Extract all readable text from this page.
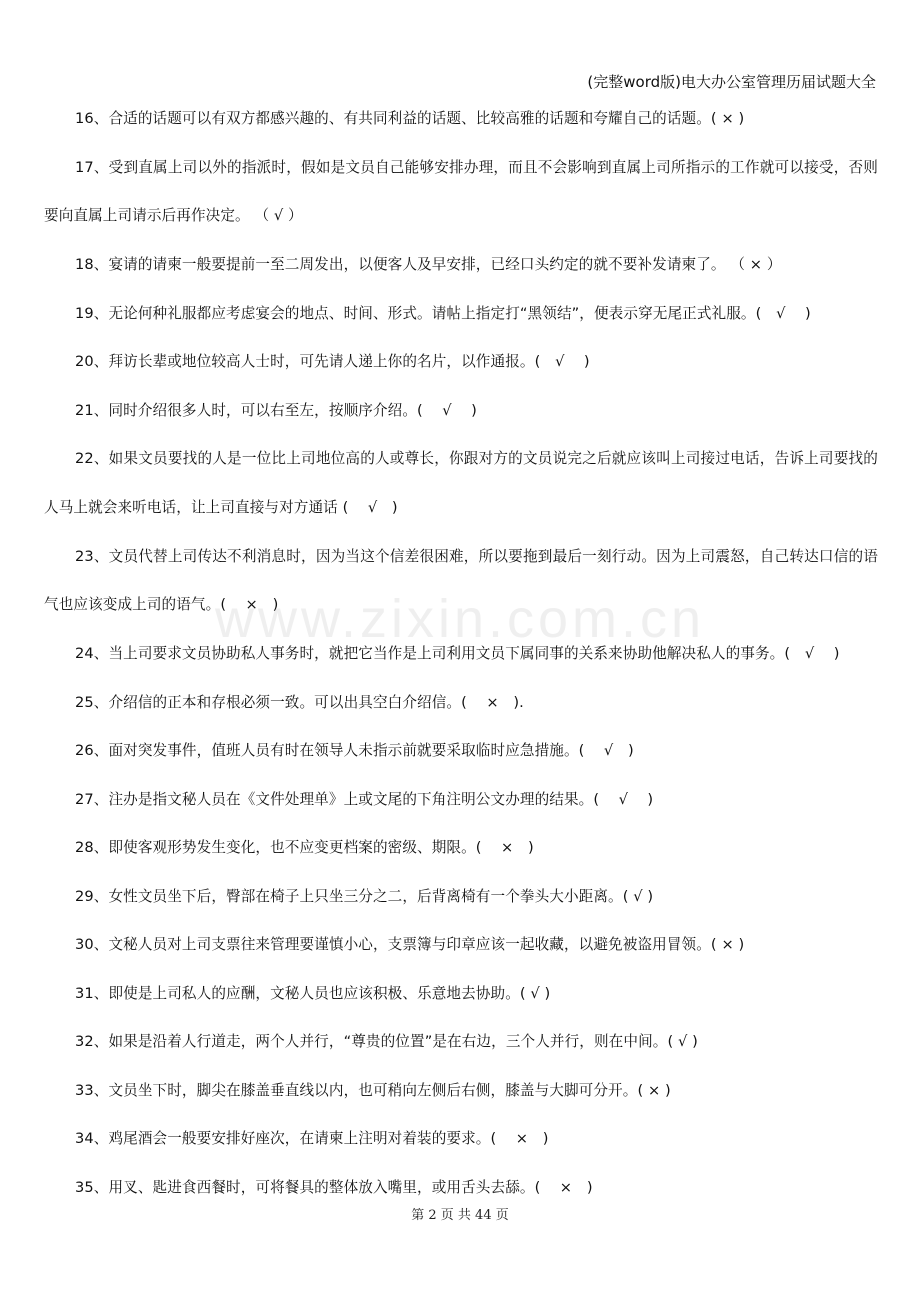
(完整word版)电大办公室管理历届试题大全
www.zixin.com.cn

16、合适的话题可以有双方都感兴趣的、有共同利益的话题、比较高雅的话题和夸耀自己的话题。( × )

17、受到直属上司以外的指派时，假如是文员自己能够安排办理，而且不会影响到直属上司所指示的工作就可以接受，否则要向直属上司请示后再作决定。 （ √ ）

18、宴请的请柬一般要提前一至二周发出，以便客人及早安排，已经口头约定的就不要补发请柬了。 （ × ）

19、无论何种礼服都应考虑宴会的地点、时间、形式。请帖上指定打“黑领结”，便表示穿无尾正式礼服。(　√　 )

20、拜访长辈或地位较高人士时，可先请人递上你的名片，以作通报。(　√　 )

21、同时介绍很多人时，可以右至左，按顺序介绍。(　 √　 )

22、如果文员要找的人是一位比上司地位高的人或尊长，你跟对方的文员说完之后就应该叫上司接过电话，告诉上司要找的人马上就会来听电话，让上司直接与对方通话 (　 √　)

23、文员代替上司传达不利消息时，因为当这个信差很困难，所以要拖到最后一刻行动。因为上司震怒，自己转达口信的语气也应该变成上司的语气。(　 ×　)

24、当上司要求文员协助私人事务时，就把它当作是上司利用文员下属同事的关系来协助他解决私人的事务。(　√　 )

25、介绍信的正本和存根必须一致。可以出具空白介绍信。(　 ×　).

26、面对突发事件，值班人员有时在领导人未指示前就要采取临时应急措施。(　 √　)

27、注办是指文秘人员在《文件处理单》上或文尾的下角注明公文办理的结果。(　 √　 )

28、即使客观形势发生变化，也不应变更档案的密级、期限。(　 ×　)

29、女性文员坐下后，臀部在椅子上只坐三分之二，后背离椅有一个拳头大小距离。( √ )

30、文秘人员对上司支票往来管理要谨慎小心，支票簿与印章应该一起收藏，以避免被盗用冒领。( × )

31、即使是上司私人的应酬，文秘人员也应该积极、乐意地去协助。( √ )

32、如果是沿着人行道走，两个人并行，“尊贵的位置”是在右边，三个人并行，则在中间。( √ )

33、文员坐下时，脚尖在膝盖垂直线以内，也可稍向左侧后右侧，膝盖与大脚可分开。( × )

34、鸡尾酒会一般要安排好座次，在请柬上注明对着装的要求。(　 ×　)

35、用叉、匙进食西餐时，可将餐具的整体放入嘴里，或用舌头去舔。(　 ×　)

第 2 页 共 44 页
